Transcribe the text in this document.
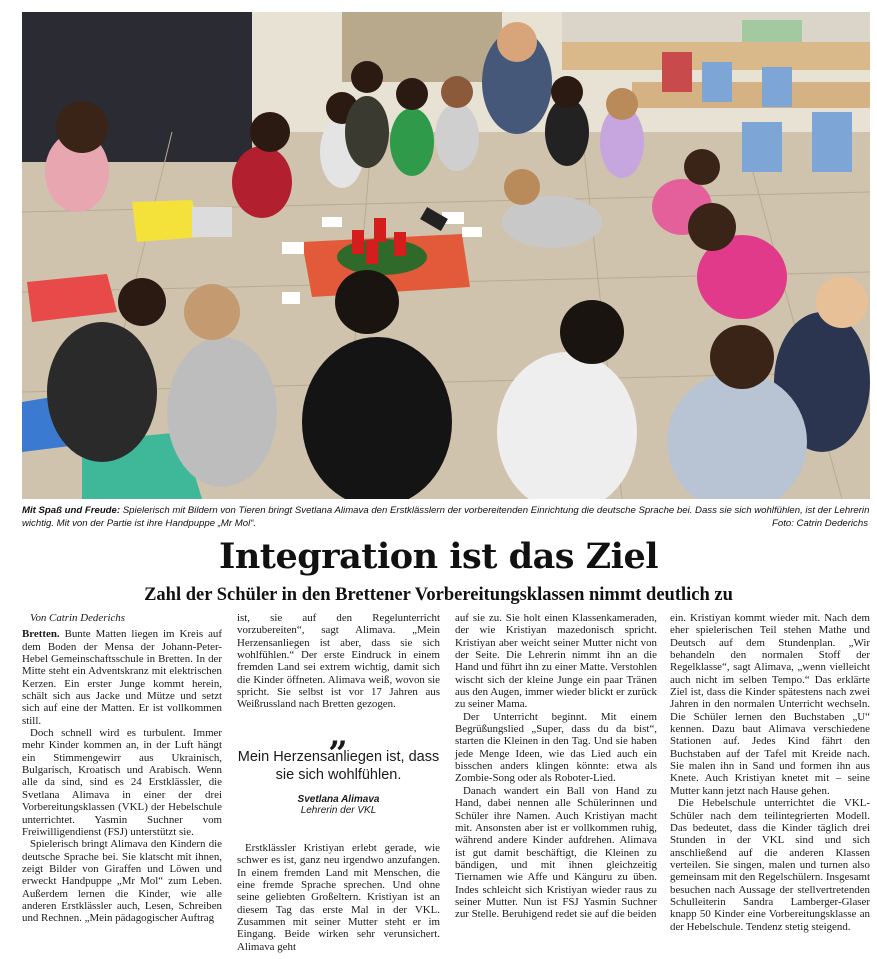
Mit Spaß und Freude: Spielerisch mit Bildern von Tieren bringt Svetlana Alimava den Erstklässlern der vorbereitenden Einrichtung die deutsche Sprache bei. Dass sie sich wohlfühlen, ist der Lehrerin wichtig. Mit von der Partie ist ihre Handpuppe „Mr Mol“.	Foto: Catrin Dederichs
Integration ist das Ziel
Zahl der Schüler in den Brettener Vorbereitungsklassen nimmt deutlich zu

Von Catrin Dederichs

Bretten. Bunte Matten liegen im Kreis auf dem Boden der Mensa der Johann-Peter-Hebel Gemeinschaftsschule in Bretten. In der Mitte steht ein Adventskranz mit elektrischen Kerzen. Ein erster Junge kommt herein, schält sich aus Jacke und Mütze und setzt sich auf eine der Matten. Er ist vollkommen still.

Doch schnell wird es turbulent. Immer mehr Kinder kommen an, in der Luft hängt ein Stimmengewirr aus Ukrainisch, Bulgarisch, Kroatisch und Arabisch. Wenn alle da sind, sind es 24 Erstklässler, die Svetlana Alimava in einer der drei Vorbereitungsklassen (VKL) der Hebelschule unterrichtet. Yasmin Suchner vom Freiwilligendienst (FSJ) unterstützt sie.

Spielerisch bringt Alimava den Kindern die deutsche Sprache bei. Sie klatscht mit ihnen, zeigt Bilder von Giraffen und Löwen und erweckt Handpuppe „Mr Mol“ zum Leben. Außerdem lernen die Kinder, wie alle anderen Erstklässler auch, Lesen, Schreiben und Rechnen. „Mein pädagogischer Auftrag

ist, sie auf den Regelunterricht vorzubereiten“, sagt Alimava. „Mein Herzensanliegen ist aber, dass sie sich wohlfühlen.“ Der erste Eindruck in einem fremden Land sei extrem wichtig, damit sich die Kinder öffneten. Alimava weiß, wovon sie spricht. Sie selbst ist vor 17 Jahren aus Weißrussland nach Bretten gezogen.

„
Mein Herzensanliegen ist, dass sie sich wohlfühlen.
Svetlana Alimava
Lehrerin der VKL

Erstklässler Kristiyan erlebt gerade, wie schwer es ist, ganz neu irgendwo anzufangen. In einem fremden Land mit Menschen, die eine fremde Sprache sprechen. Und ohne seine geliebten Großeltern. Kristiyan ist an diesem Tag das erste Mal in der VKL. Zusammen mit seiner Mutter steht er im Eingang. Beide wirken sehr verunsichert. Alimava geht

auf sie zu. Sie holt einen Klassenkameraden, der wie Kristiyan mazedonisch spricht. Kristiyan aber weicht seiner Mutter nicht von der Seite. Die Lehrerin nimmt ihn an die Hand und führt ihn zu einer Matte. Verstohlen wischt sich der kleine Junge ein paar Tränen aus den Augen, immer wieder blickt er zurück zu seiner Mama.

Der Unterricht beginnt. Mit einem Begrüßungslied „Super, dass du da bist“, starten die Kleinen in den Tag. Und sie haben jede Menge Ideen, wie das Lied auch ein bisschen anders klingen könnte: etwa als Zombie-Song oder als Roboter-Lied.

Danach wandert ein Ball von Hand zu Hand, dabei nennen alle Schülerinnen und Schüler ihre Namen. Auch Kristiyan macht mit. Ansonsten aber ist er vollkommen ruhig, während andere Kinder aufdrehen. Alimava ist gut damit beschäftigt, die Kleinen zu bändigen, und mit ihnen gleichzeitig Tiernamen wie Affe und Känguru zu üben. Indes schleicht sich Kristiyan wieder raus zu seiner Mutter. Nun ist FSJ Yasmin Suchner zur Stelle. Beruhigend redet sie auf die beiden

ein. Kristiyan kommt wieder mit. Nach dem eher spielerischen Teil stehen Mathe und Deutsch auf dem Stundenplan. „Wir behandeln den normalen Stoff der Regelklasse“, sagt Alimava, „wenn vielleicht auch nicht im selben Tempo.“ Das erklärte Ziel ist, dass die Kinder spätestens nach zwei Jahren in den normalen Unterricht wechseln. Die Schüler lernen den Buchstaben „U“ kennen. Dazu baut Alimava verschiedene Stationen auf. Jedes Kind fährt den Buchstaben auf der Tafel mit Kreide nach. Sie malen ihn in Sand und formen ihn aus Knete. Auch Kristiyan knetet mit – seine Mutter kann jetzt nach Hause gehen.

Die Hebelschule unterrichtet die VKL-Schüler nach dem teilintegrierten Modell. Das bedeutet, dass die Kinder täglich drei Stunden in der VKL sind und sich anschließend auf die anderen Klassen verteilen. Sie singen, malen und turnen also gemeinsam mit den Regelschülern. Insgesamt besuchen nach Aussage der stellvertretenden Schulleiterin Sandra Lamberger-Glaser knapp 50 Kinder eine Vorbereitungsklasse an der Hebelschule. Tendenz stetig steigend.
